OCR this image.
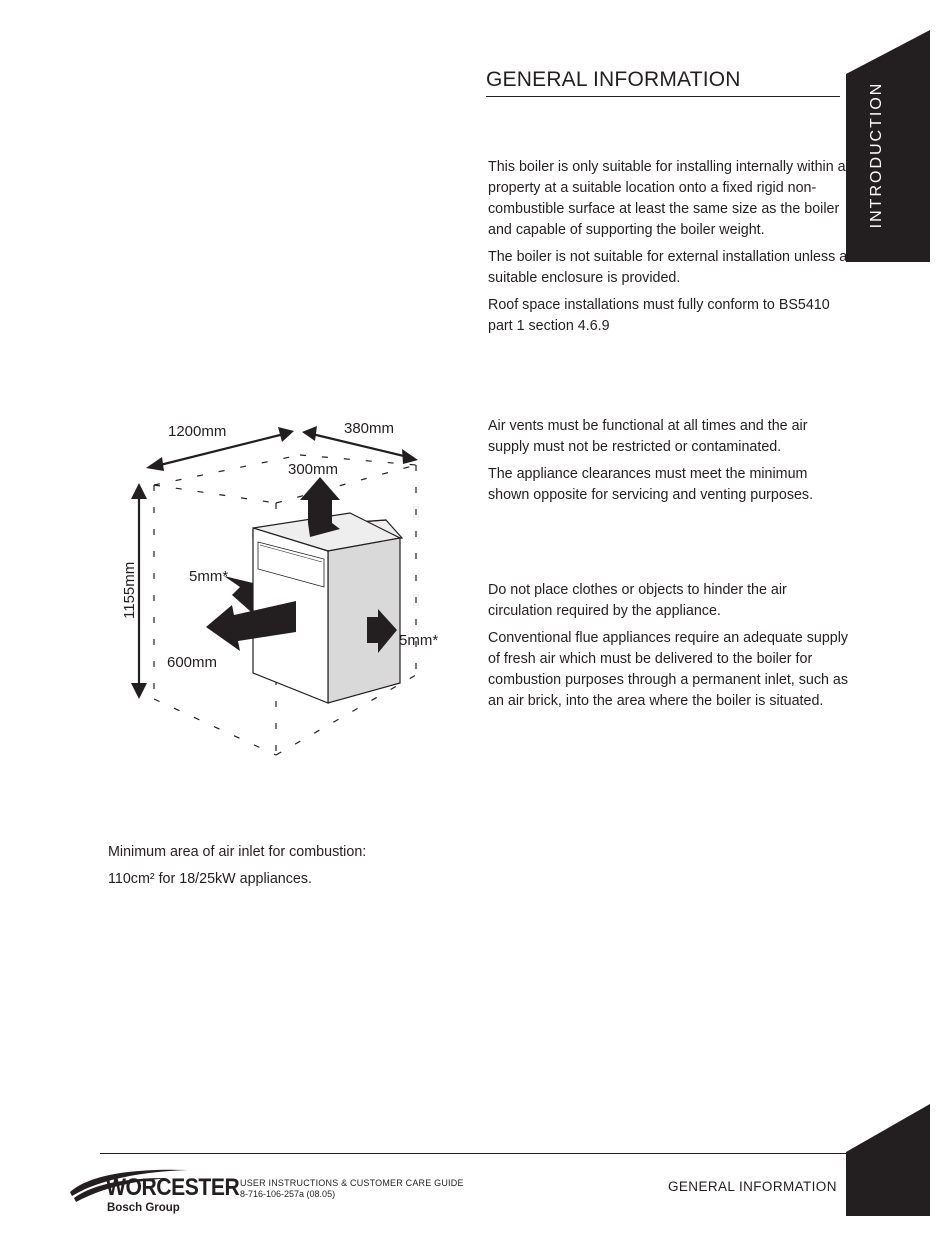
GENERAL INFORMATION
INTRODUCTION

This boiler is only suitable for installing internally within a property at a suitable location onto a fixed rigid non-combustible surface at least the same size as the boiler and capable of supporting the boiler weight.

The boiler is not suitable for external installation unless a suitable enclosure is provided.

Roof space installations must fully conform to BS5410 part 1 section 4.6.9

Air vents must be functional at all times and the air supply must not be restricted or contaminated.

The appliance clearances must meet the minimum shown opposite for servicing and venting purposes.

Do not place clothes or objects to hinder the air circulation required by the appliance.

Conventional flue appliances require an adequate supply of fresh air which must be delivered to the boiler for combustion purposes through a permanent inlet, such as an air brick, into the area where the boiler is situated.

1200mm	380mm
300mm
1155mm	5mm*
5mm*
600mm

Minimum area of air inlet for combustion:

110cm² for 18/25kW appliances.

WORCESTER
Bosch Group
USER INSTRUCTIONS & CUSTOMER CARE GUIDE
8-716-106-257a (08.05)	GENERAL INFORMATION
